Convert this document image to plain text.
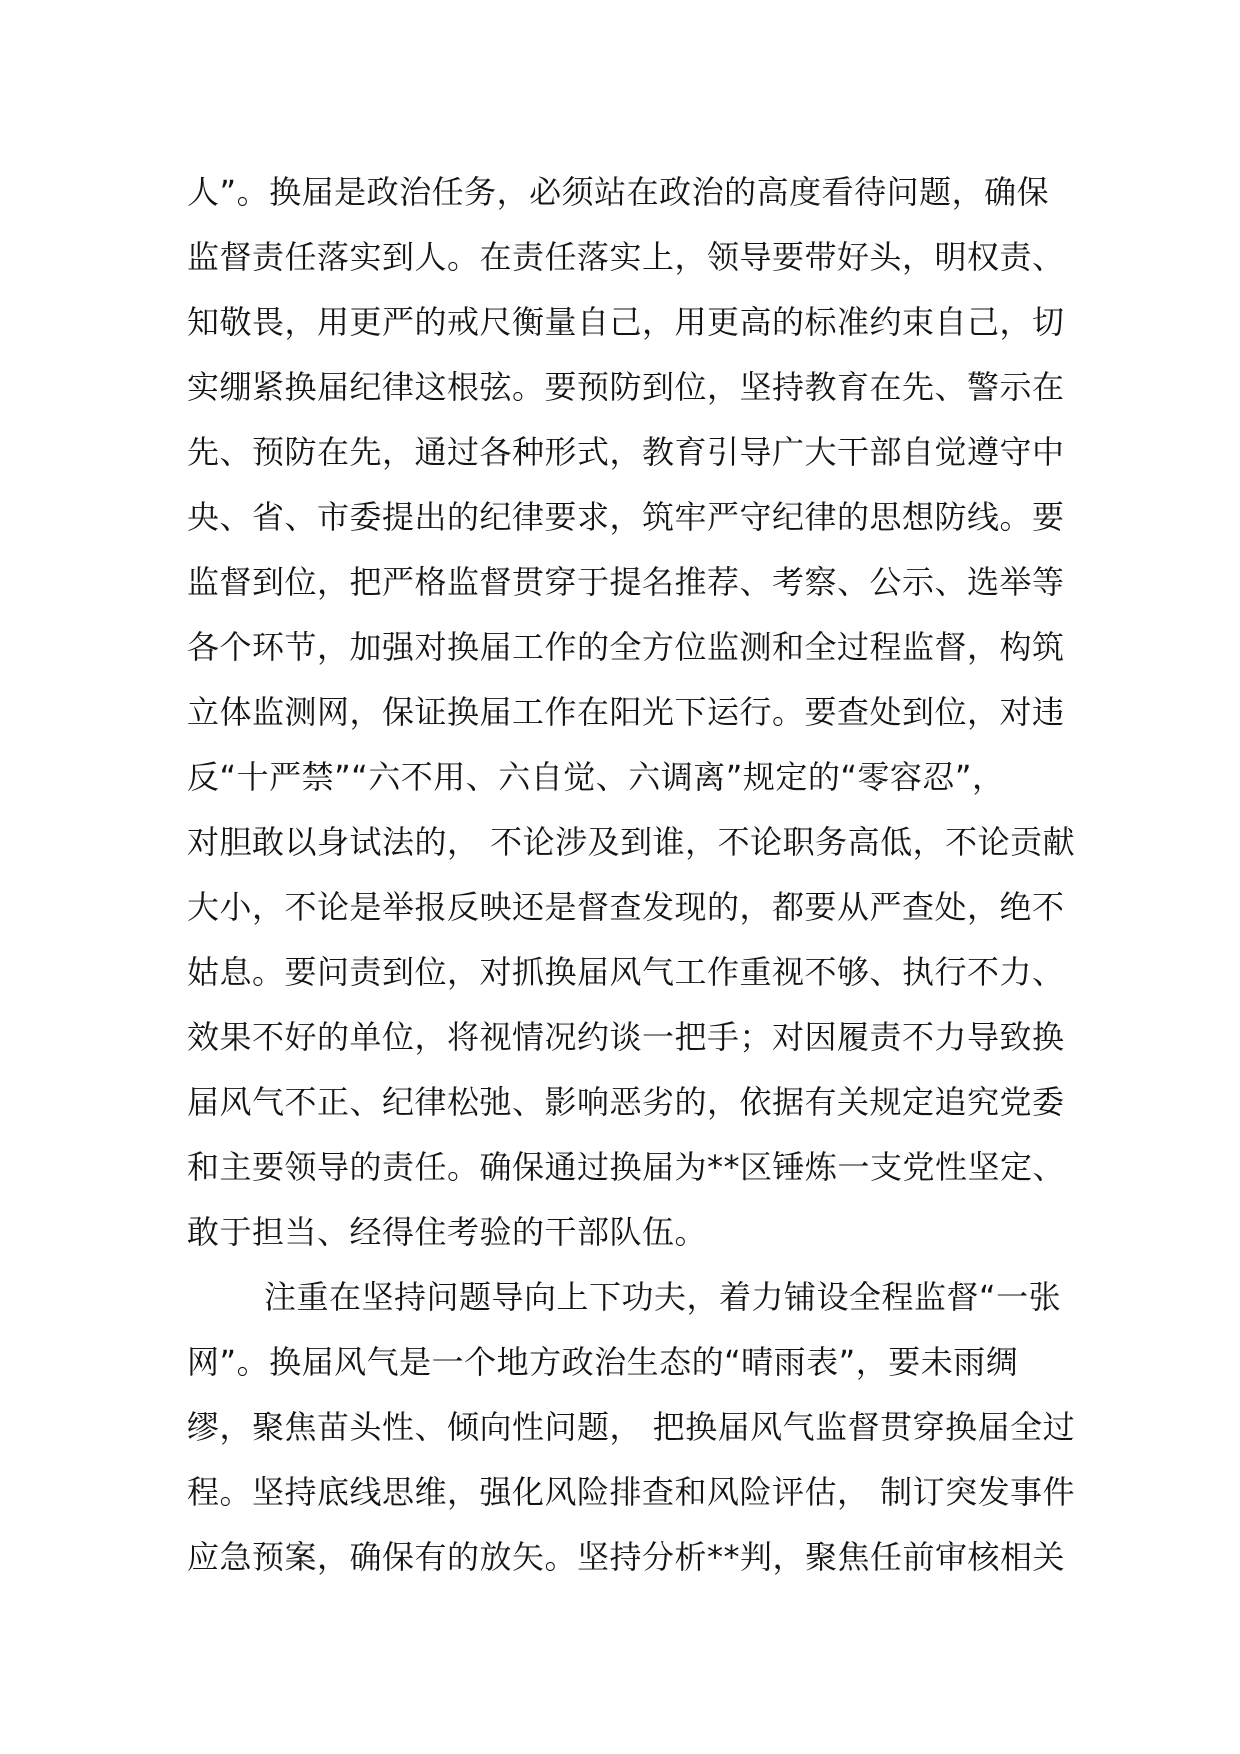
人”。换届是政治任务，必须站在政治的高度看待问题，确保
监督责任落实到人。在责任落实上，领导要带好头，明权责、
知敬畏，用更严的戒尺衡量自己，用更高的标准约束自己，切
实绷紧换届纪律这根弦。要预防到位，坚持教育在先、警示在
先、预防在先，通过各种形式，教育引导广大干部自觉遵守中
央、省、市委提出的纪律要求，筑牢严守纪律的思想防线。要
监督到位，把严格监督贯穿于提名推荐、考察、公示、选举等
各个环节，加强对换届工作的全方位监测和全过程监督，构筑
立体监测网，保证换届工作在阳光下运行。要查处到位，对违
反“十严禁”“六不用、六自觉、六调离”规定的“零容忍”，
对胆敢以身试法的， 不论涉及到谁，不论职务高低，不论贡献
大小，不论是举报反映还是督查发现的，都要从严查处，绝不
姑息。要问责到位，对抓换届风气工作重视不够、执行不力、
效果不好的单位，将视情况约谈一把手；对因履责不力导致换
届风气不正、纪律松弛、影响恶劣的，依据有关规定追究党委
和主要领导的责任。确保通过换届为**区锤炼一支党性坚定、
敢于担当、经得住考验的干部队伍。
注重在坚持问题导向上下功夫，着力铺设全程监督“一张
网”。换届风气是一个地方政治生态的“晴雨表”，要未雨绸
缪，聚焦苗头性、倾向性问题， 把换届风气监督贯穿换届全过
程。坚持底线思维，强化风险排查和风险评估， 制订突发事件
应急预案，确保有的放矢。坚持分析**判，聚焦任前审核相关
